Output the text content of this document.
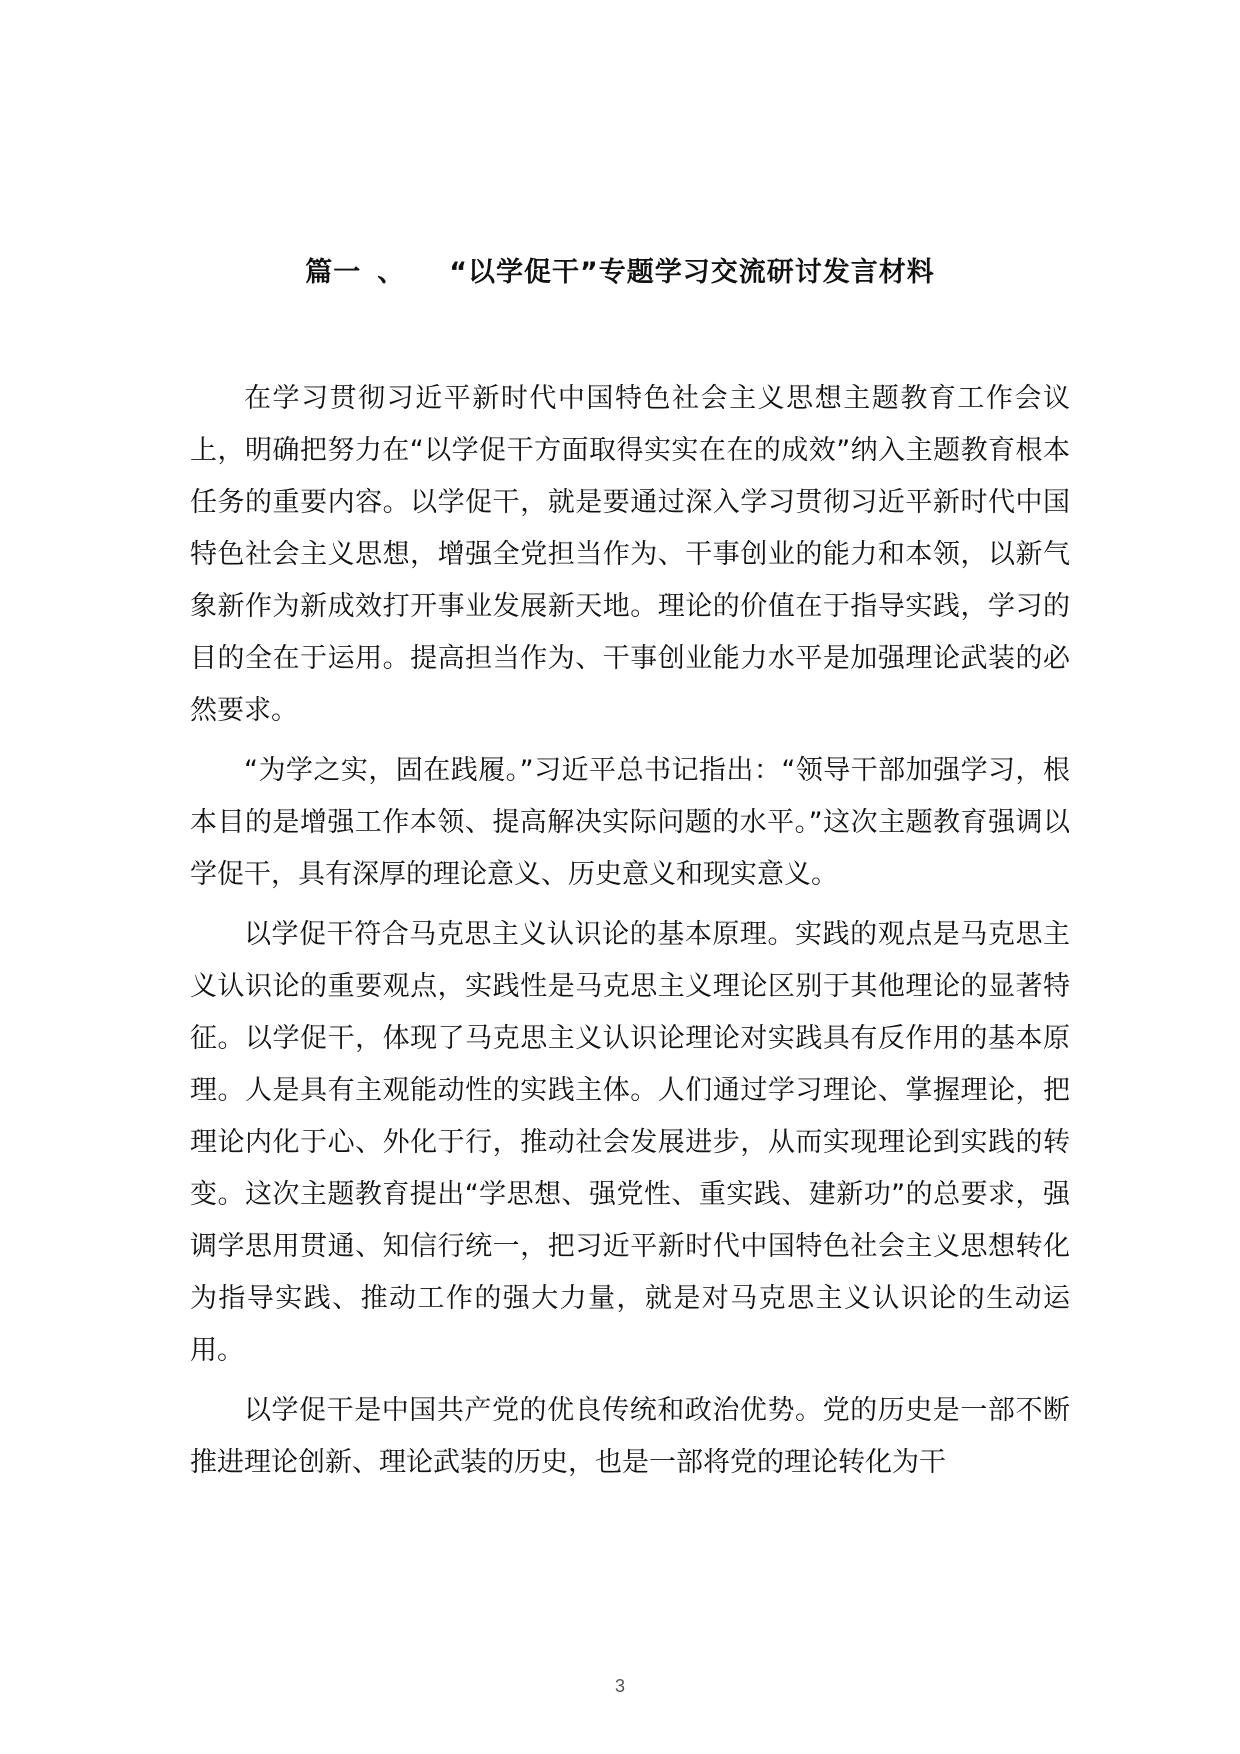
篇一 、 “以学促干”专题学习交流研讨发言材料

在学习贯彻习近平新时代中国特色社会主义思想主题教育工作会议上，明确把努力在“以学促干方面取得实实在在的成效”纳入主题教育根本任务的重要内容。以学促干，就是要通过深入学习贯彻习近平新时代中国特色社会主义思想，增强全党担当作为、干事创业的能力和本领，以新气象新作为新成效打开事业发展新天地。理论的价值在于指导实践，学习的目的全在于运用。提高担当作为、干事创业能力水平是加强理论武装的必然要求。

“为学之实，固在践履。”习近平总书记指出：“领导干部加强学习，根本目的是增强工作本领、提高解决实际问题的水平。”这次主题教育强调以学促干，具有深厚的理论意义、历史意义和现实意义。

以学促干符合马克思主义认识论的基本原理。实践的观点是马克思主义认识论的重要观点，实践性是马克思主义理论区别于其他理论的显著特征。以学促干，体现了马克思主义认识论理论对实践具有反作用的基本原理。人是具有主观能动性的实践主体。人们通过学习理论、掌握理论，把理论内化于心、外化于行，推动社会发展进步，从而实现理论到实践的转变。这次主题教育提出“学思想、强党性、重实践、建新功”的总要求，强调学思用贯通、知信行统一，把习近平新时代中国特色社会主义思想转化为指导实践、推动工作的强大力量，就是对马克思主义认识论的生动运用。

以学促干是中国共产党的优良传统和政治优势。党的历史是一部不断推进理论创新、理论武装的历史，也是一部将党的理论转化为干

3
